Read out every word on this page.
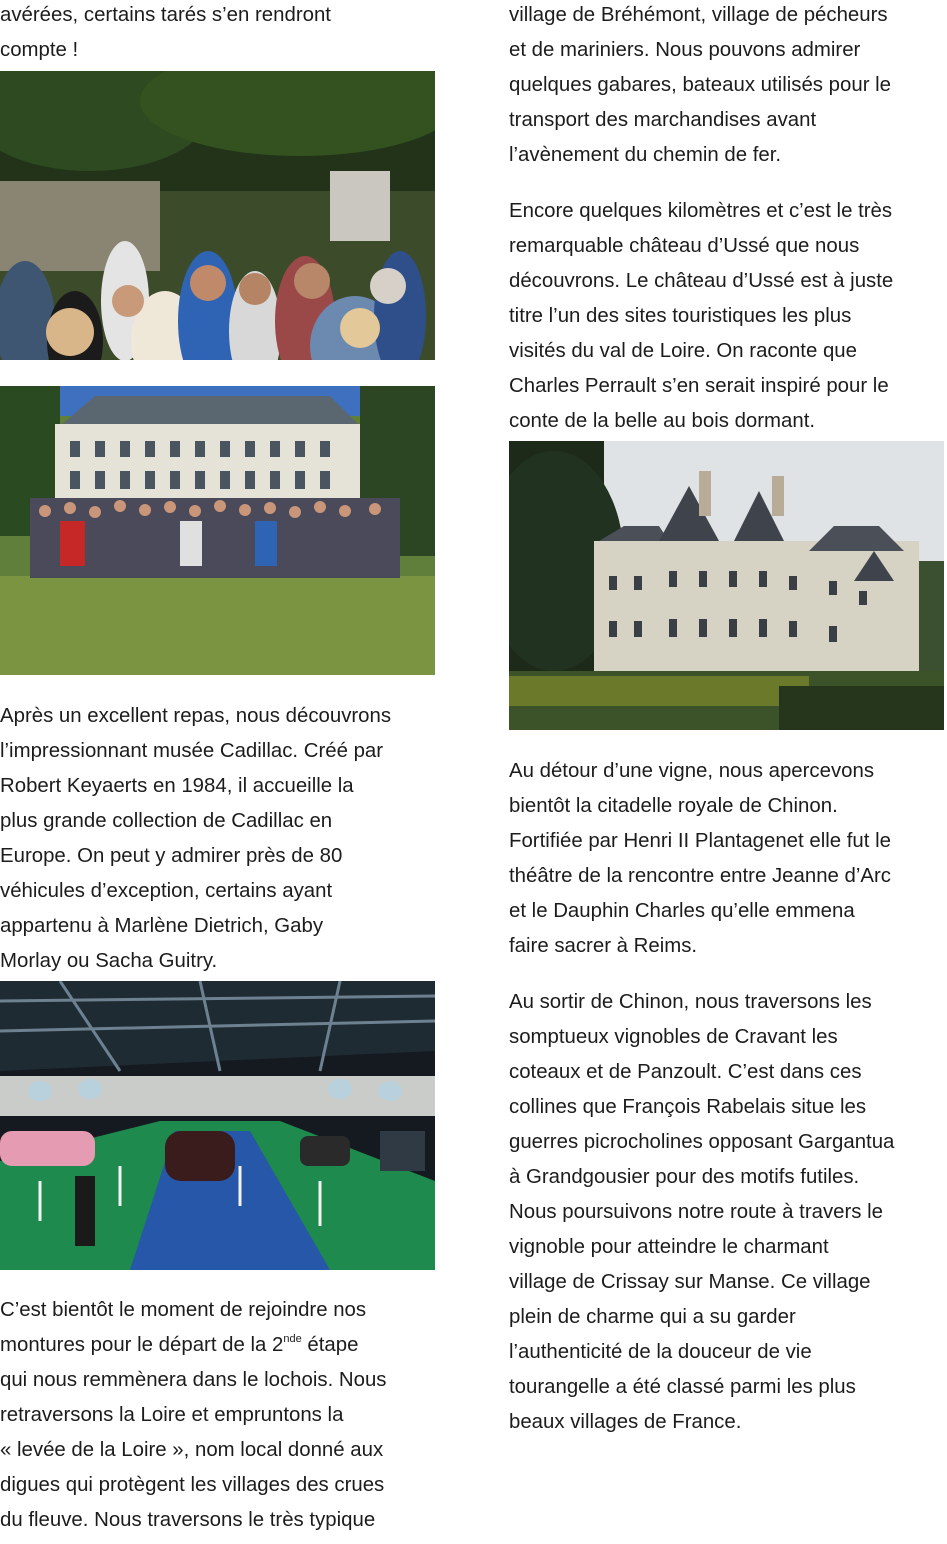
avérées, certains tarés s’en rendront
compte !

Après un excellent repas, nous découvrons
l’impressionnant musée Cadillac. Créé par
Robert Keyaerts en 1984, il accueille la
plus grande collection de Cadillac en
Europe. On peut y admirer près de 80
véhicules d’exception, certains ayant
appartenu à Marlène Dietrich, Gaby
Morlay ou Sacha Guitry.

C’est bientôt le moment de rejoindre nos
montures pour le départ de la 2nde étape
qui nous remmènera dans le lochois. Nous
retraversons la Loire et empruntons la
« levée de la Loire », nom local donné aux
digues qui protègent les villages des crues
du fleuve. Nous traversons le très typique

village de Bréhémont, village de pécheurs
et de mariniers. Nous pouvons admirer
quelques gabares, bateaux utilisés pour le
transport des marchandises avant
l’avènement du chemin de fer.

Encore quelques kilomètres et c’est le très
remarquable château d’Ussé que nous
découvrons. Le château d’Ussé est à juste
titre l’un des sites touristiques les plus
visités du val de Loire. On raconte que
Charles Perrault s’en serait inspiré pour le
conte de la belle au bois dormant.

Au détour d’une vigne, nous apercevons
bientôt la citadelle royale de Chinon.
Fortifiée par Henri II Plantagenet elle fut le
théâtre de la rencontre entre Jeanne d’Arc
et le Dauphin Charles qu’elle emmena
faire sacrer à Reims.

Au sortir de Chinon, nous traversons les
somptueux vignobles de Cravant les
coteaux et de Panzoult. C’est dans ces
collines que François Rabelais situe les
guerres picrocholines opposant Gargantua
à Grandgousier pour des motifs futiles.
Nous poursuivons notre route à travers le
vignoble pour atteindre le charmant
village de Crissay sur Manse. Ce village
plein de charme qui a su garder
l’authenticité de la douceur de vie
tourangelle a été classé parmi les plus
beaux villages de France.
